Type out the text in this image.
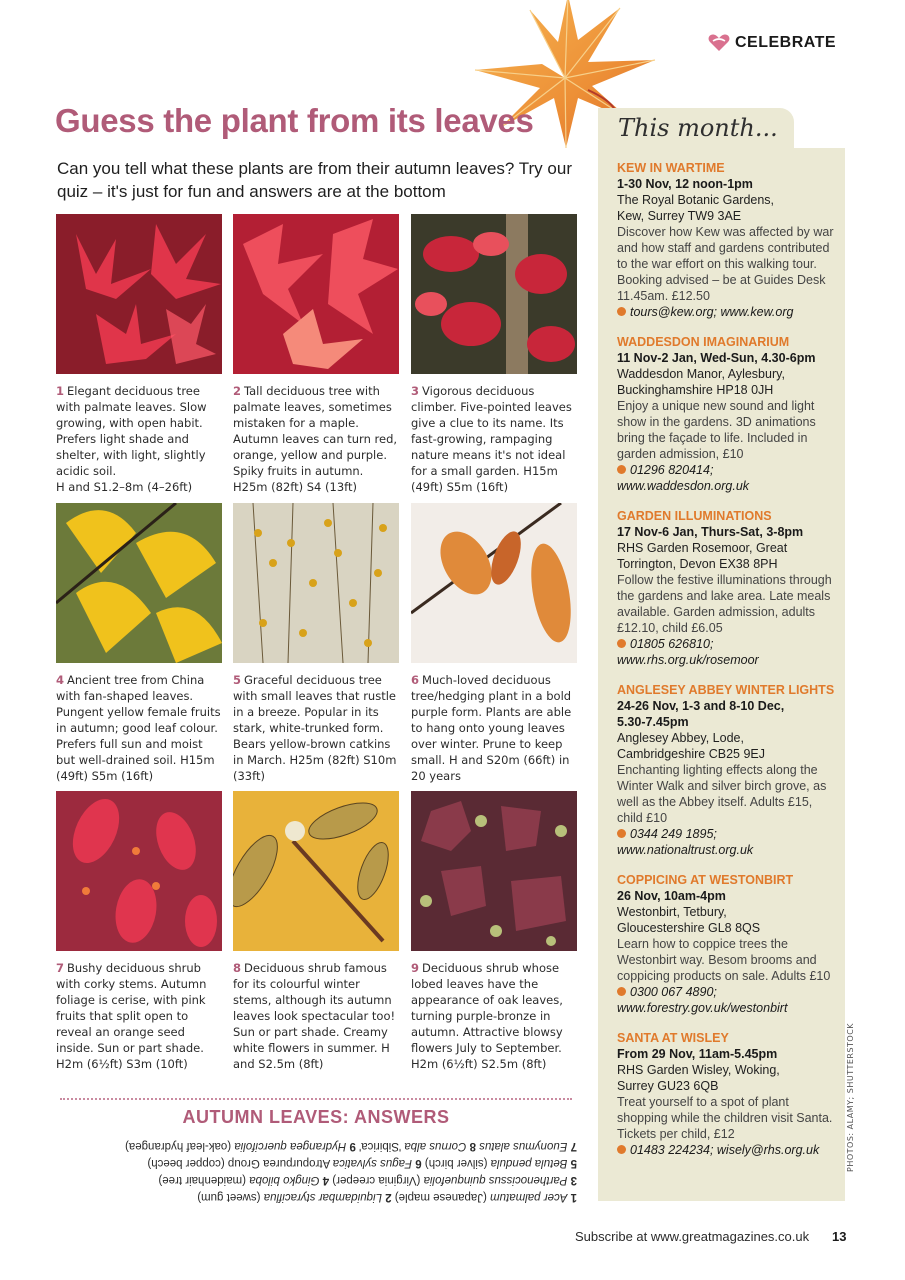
CELEBRATE
Guess the plant from its leaves

Can you tell what these plants are from their autumn leaves? Try our quiz – it's just for fun and answers are at the bottom

1 Elegant deciduous tree with palmate leaves. Slow growing, with open habit. Prefers light shade and shelter, with light, slightly acidic soil.
H and S1.2–8m (4–26ft)

2 Tall deciduous tree with palmate leaves, sometimes mistaken for a maple. Autumn leaves can turn red, orange, yellow and purple. Spiky fruits in autumn.
H25m (82ft) S4 (13ft)

3 Vigorous deciduous climber. Five-pointed leaves give a clue to its name. Its fast-growing, rampaging nature means it's not ideal for a small garden. H15m (49ft) S5m (16ft)

4 Ancient tree from China with fan-shaped leaves. Pungent yellow female fruits in autumn; good leaf colour. Prefers full sun and moist but well-drained soil. H15m (49ft) S5m (16ft)

5 Graceful deciduous tree with small leaves that rustle in a breeze. Popular in its stark, white-trunked form. Bears yellow-brown catkins in March. H25m (82ft) S10m (33ft)

6 Much-loved deciduous tree/hedging plant in a bold purple form. Plants are able to hang onto young leaves over winter. Prune to keep small. H and S20m (66ft) in 20 years

7 Bushy deciduous shrub with corky stems. Autumn foliage is cerise, with pink fruits that split open to reveal an orange seed inside. Sun or part shade. H2m (6½ft) S3m (10ft)

8 Deciduous shrub famous for its colourful winter stems, although its autumn leaves look spectacular too! Sun or part shade. Creamy white flowers in summer. H and S2.5m (8ft)

9 Deciduous shrub whose lobed leaves have the appearance of oak leaves, turning purple-bronze in autumn. Attractive blowsy flowers July to September. H2m (6½ft) S2.5m (8ft)

AUTUMN LEAVES: ANSWERS
1 Acer palmatum (Japanese maple) 2 Liquidambar styraciflua (sweet gum)
3 Parthenocissus quinquefolia (Virginia creeper) 4 Gingko biloba (maidenhair tree)
5 Betula pendula (silver birch) 6 Fagus sylvatica Atropurpurea Group (copper beech)
7 Euonymus alatus 8 Cornus alba 'Sibirica' 9 Hydrangea quercifolia (oak-leaf hydrangea)
This month...
KEW IN WARTIME
1-30 Nov, 12 noon-1pm
The Royal Botanic Gardens,
Kew, Surrey TW9 3AE
Discover how Kew was affected by war and how staff and gardens contributed to the war effort on this walking tour. Booking advised – be at Guides Desk 11.45am. £12.50
tours@kew.org; www.kew.org
WADDESDON IMAGINARIUM
11 Nov-2 Jan, Wed-Sun, 4.30-6pm
Waddesdon Manor, Aylesbury,
Buckinghamshire HP18 0JH
Enjoy a unique new sound and light show in the gardens. 3D animations bring the façade to life. Included in garden admission, £10
01296 820414;
www.waddesdon.org.uk
GARDEN ILLUMINATIONS
17 Nov-6 Jan, Thurs-Sat, 3-8pm
RHS Garden Rosemoor, Great
Torrington, Devon EX38 8PH
Follow the festive illuminations through the gardens and lake area. Late meals available. Garden admission, adults £12.10, child £6.05
01805 626810;
www.rhs.org.uk/rosemoor
ANGLESEY ABBEY WINTER LIGHTS
24-26 Nov, 1-3 and 8-10 Dec,
5.30-7.45pm
Anglesey Abbey, Lode,
Cambridgeshire CB25 9EJ
Enchanting lighting effects along the Winter Walk and silver birch grove, as well as the Abbey itself. Adults £15, child £10
0344 249 1895;
www.nationaltrust.org.uk
COPPICING AT WESTONBIRT
26 Nov, 10am-4pm
Westonbirt, Tetbury,
Gloucestershire GL8 8QS
Learn how to coppice trees the Westonbirt way. Besom brooms and coppicing products on sale. Adults £10
0300 067 4890;
www.forestry.gov.uk/westonbirt
SANTA AT WISLEY
From 29 Nov, 11am-5.45pm
RHS Garden Wisley, Woking,
Surrey GU23 6QB
Treat yourself to a spot of plant shopping while the children visit Santa. Tickets per child, £12
01483 224234; wisely@rhs.org.uk	PHOTOS: ALAMY; SHUTTERSTOCK
Subscribe at www.greatmagazines.co.uk 13
